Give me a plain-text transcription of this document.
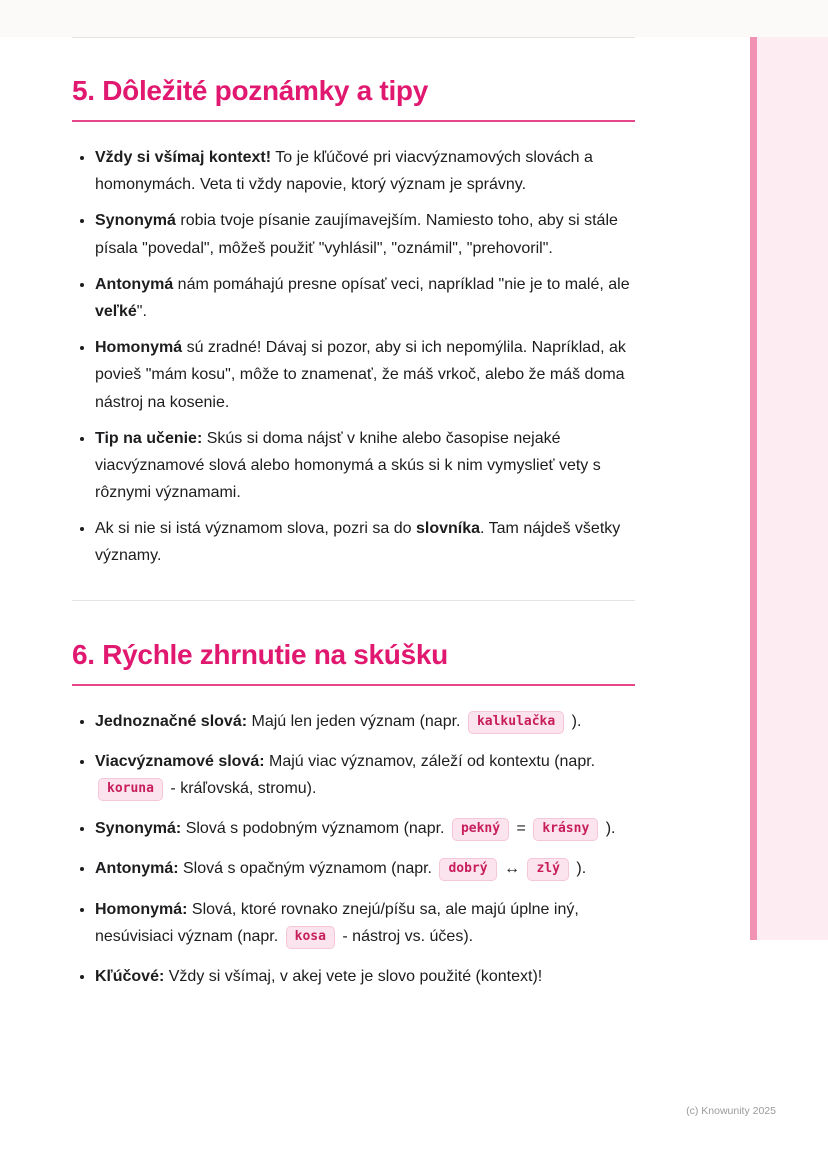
5. Dôležité poznámky a tipy
• Vždy si všímaj kontext! To je kľúčové pri viacvýznamových slovách a homonymách. Veta ti vždy napovie, ktorý význam je správny.
• Synonymá robia tvoje písanie zaujímavejším. Namiesto toho, aby si stále písala "povedal", môžeš použiť "vyhlásil", "oznámil", "prehovoril".
• Antonymá nám pomáhajú presne opísať veci, napríklad "nie je to malé, ale veľké".
• Homonymá sú zradné! Dávaj si pozor, aby si ich nepomýlila. Napríklad, ak povieš "mám kosu", môže to znamenať, že máš vrkoč, alebo že máš doma nástroj na kosenie.
• Tip na učenie: Skús si doma nájsť v knihe alebo časopise nejaké viacvýznamové slová alebo homonymá a skús si k nim vymyslieť vety s rôznymi významami.
• Ak si nie si istá významom slova, pozri sa do slovníka. Tam nájdeš všetky významy.
6. Rýchle zhrnutie na skúšku
• Jednoznačné slová: Majú len jeden význam (napr. kalkulačka ).
• Viacvýznamové slová: Majú viac významov, záleží od kontextu (napr. koruna - kráľovská, stromu).
• Synonymá: Slová s podobným významom (napr. pekný = krásny ).
• Antonymá: Slová s opačným významom (napr. dobrý ↔ zlý ).
• Homonymá: Slová, ktoré rovnako znejú/píšu sa, ale majú úplne iný, nesúvisiaci význam (napr. kosa - nástroj vs. účes).
• Kľúčové: Vždy si všímaj, v akej vete je slovo použité (kontext)!
(c) Knowunity 2025
